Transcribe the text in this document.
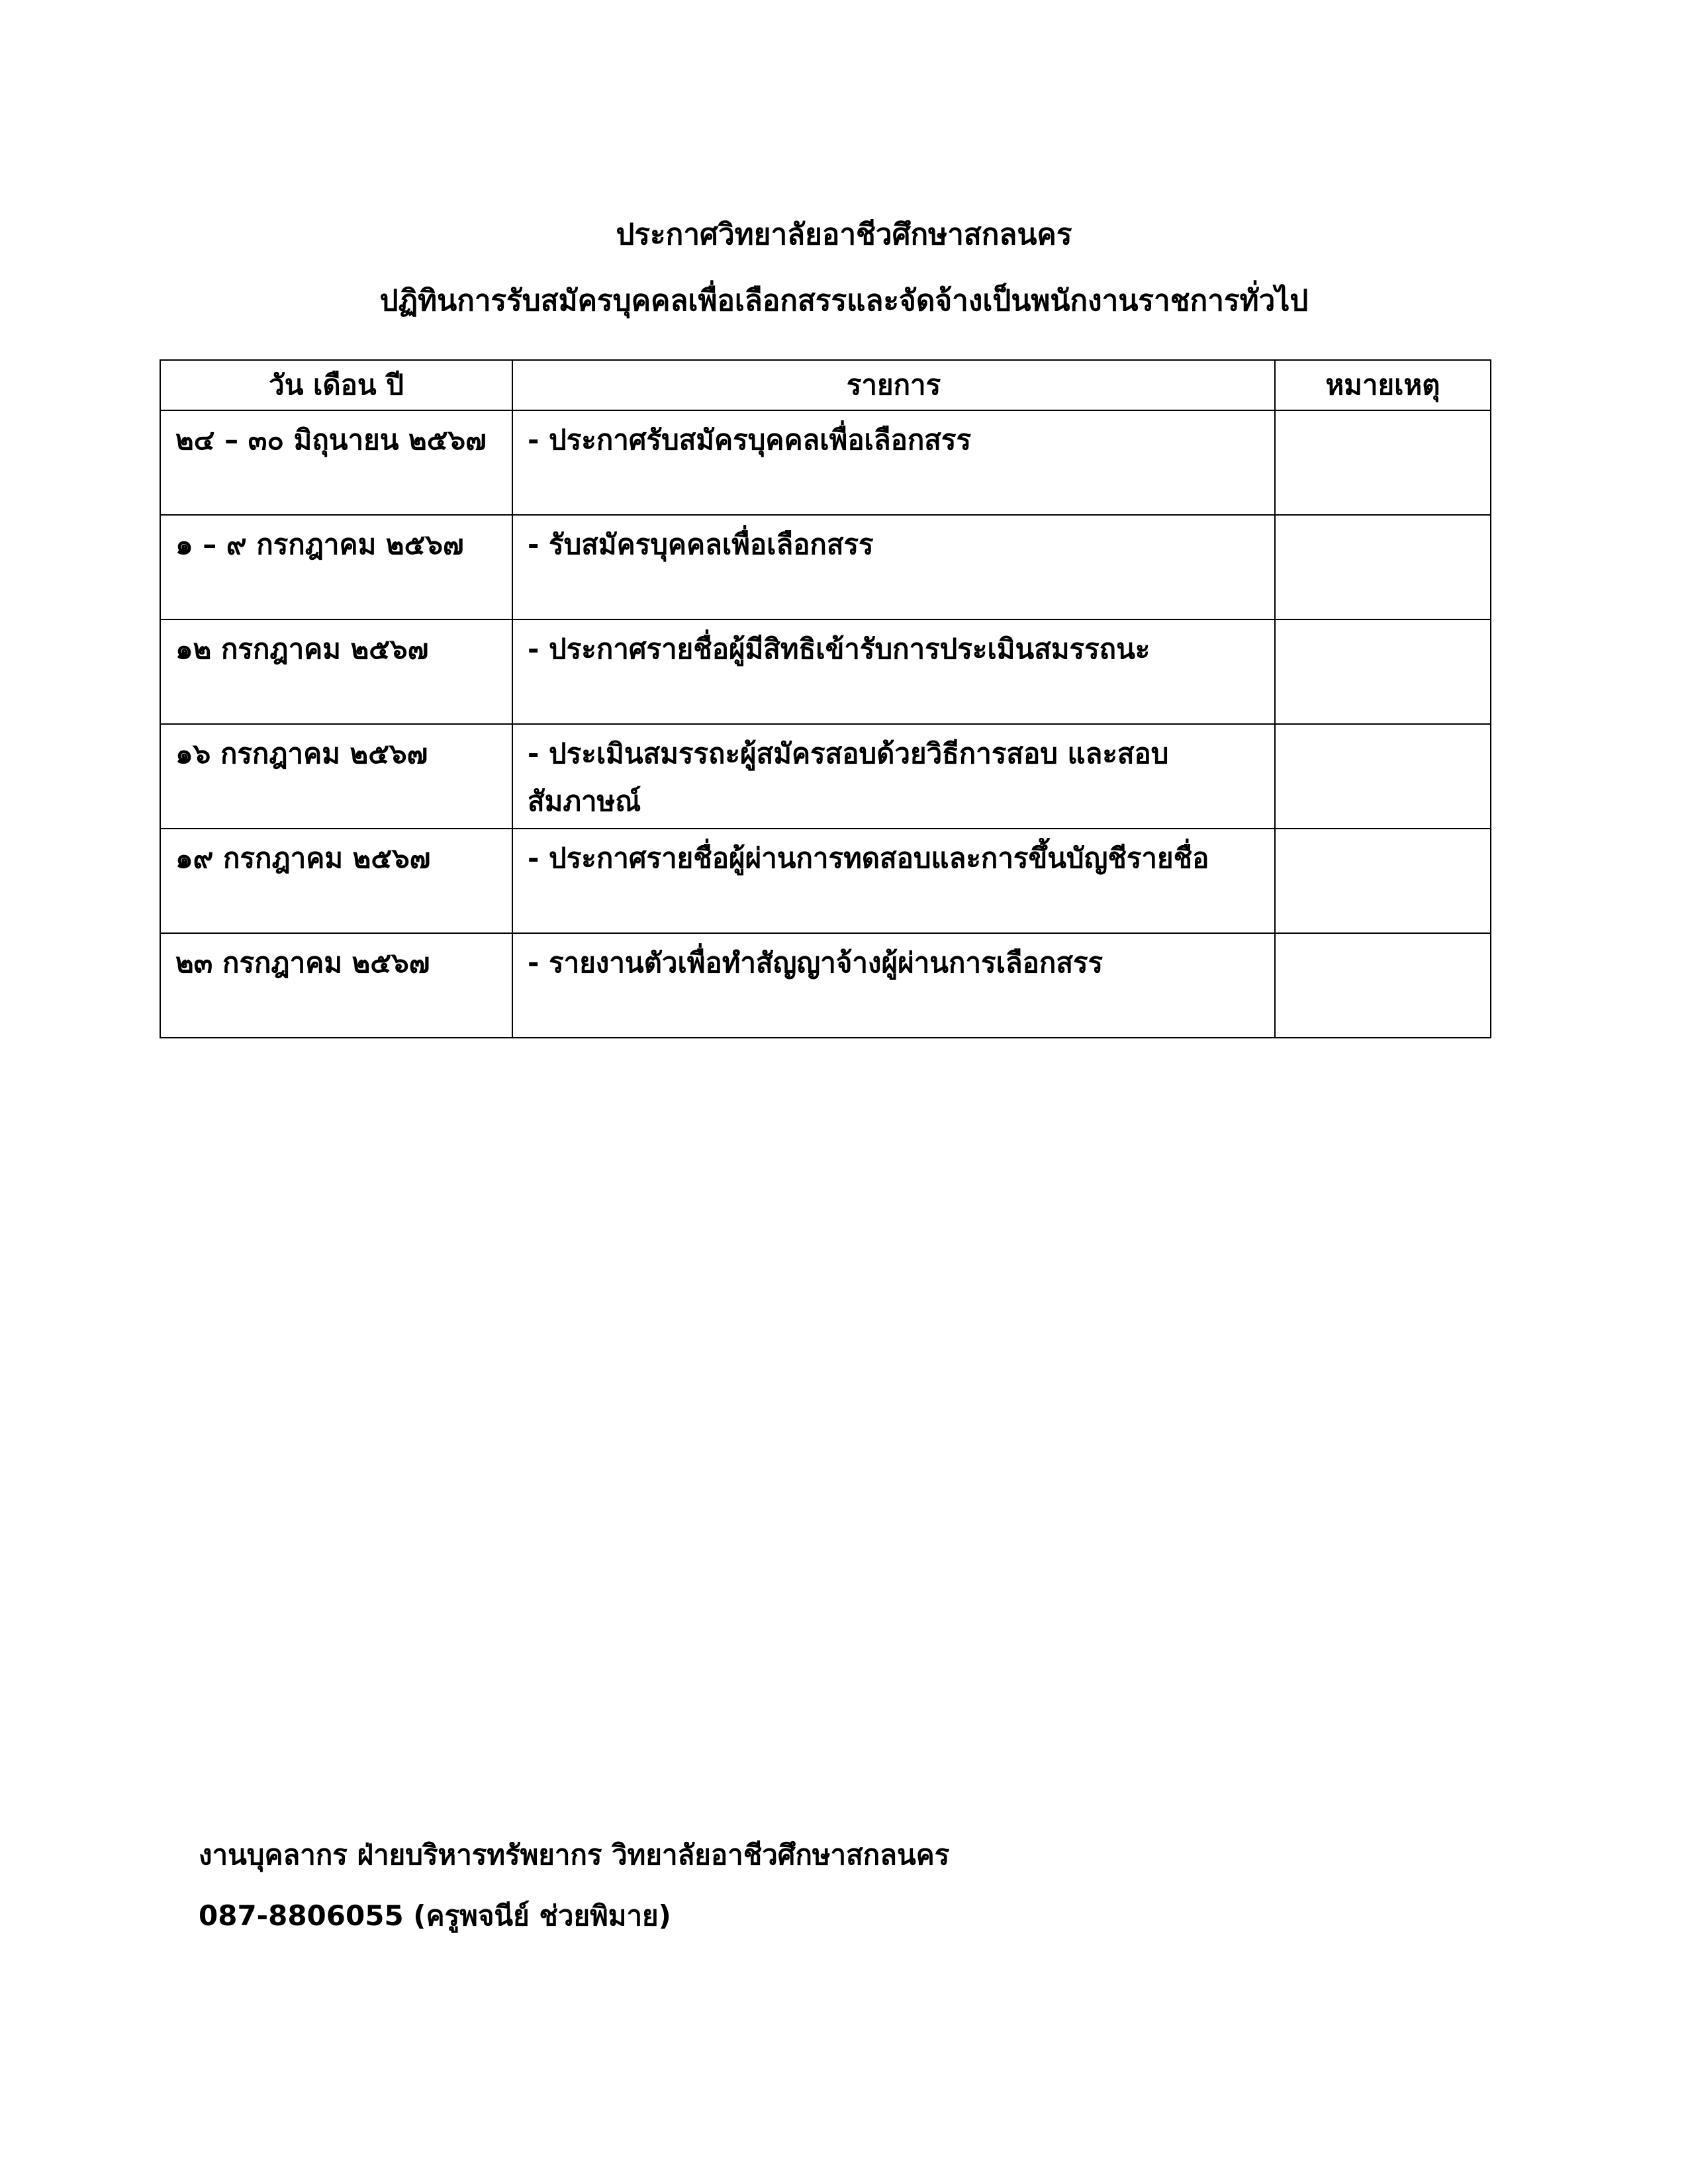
ประกาศวิทยาลัยอาชีวศึกษาสกลนคร
ปฏิทินการรับสมัครบุคคลเพื่อเลือกสรรและจัดจ้างเป็นพนักงานราชการทั่วไป
วัน เดือน ปี	รายการ	หมายเหตุ
๒๔ – ๓๐ มิถุนายน ๒๕๖๗	- ประกาศรับสมัครบุคคลเพื่อเลือกสรร	
๑ – ๙ กรกฎาคม ๒๕๖๗	- รับสมัครบุคคลเพื่อเลือกสรร	
๑๒ กรกฎาคม ๒๕๖๗	- ประกาศรายชื่อผู้มีสิทธิเข้ารับการประเมินสมรรถนะ	
๑๖ กรกฎาคม ๒๕๖๗	- ประเมินสมรรถะผู้สมัครสอบด้วยวิธีการสอบ และสอบสัมภาษณ์	
๑๙ กรกฎาคม ๒๕๖๗	- ประกาศรายชื่อผู้ผ่านการทดสอบและการขึ้นบัญชีรายชื่อ	
๒๓ กรกฎาคม ๒๕๖๗	- รายงานตัวเพื่อทำสัญญาจ้างผู้ผ่านการเลือกสรร	
งานบุคลากร ฝ่ายบริหารทรัพยากร วิทยาลัยอาชีวศึกษาสกลนคร
087-8806055 (ครูพจนีย์ ช่วยพิมาย)
